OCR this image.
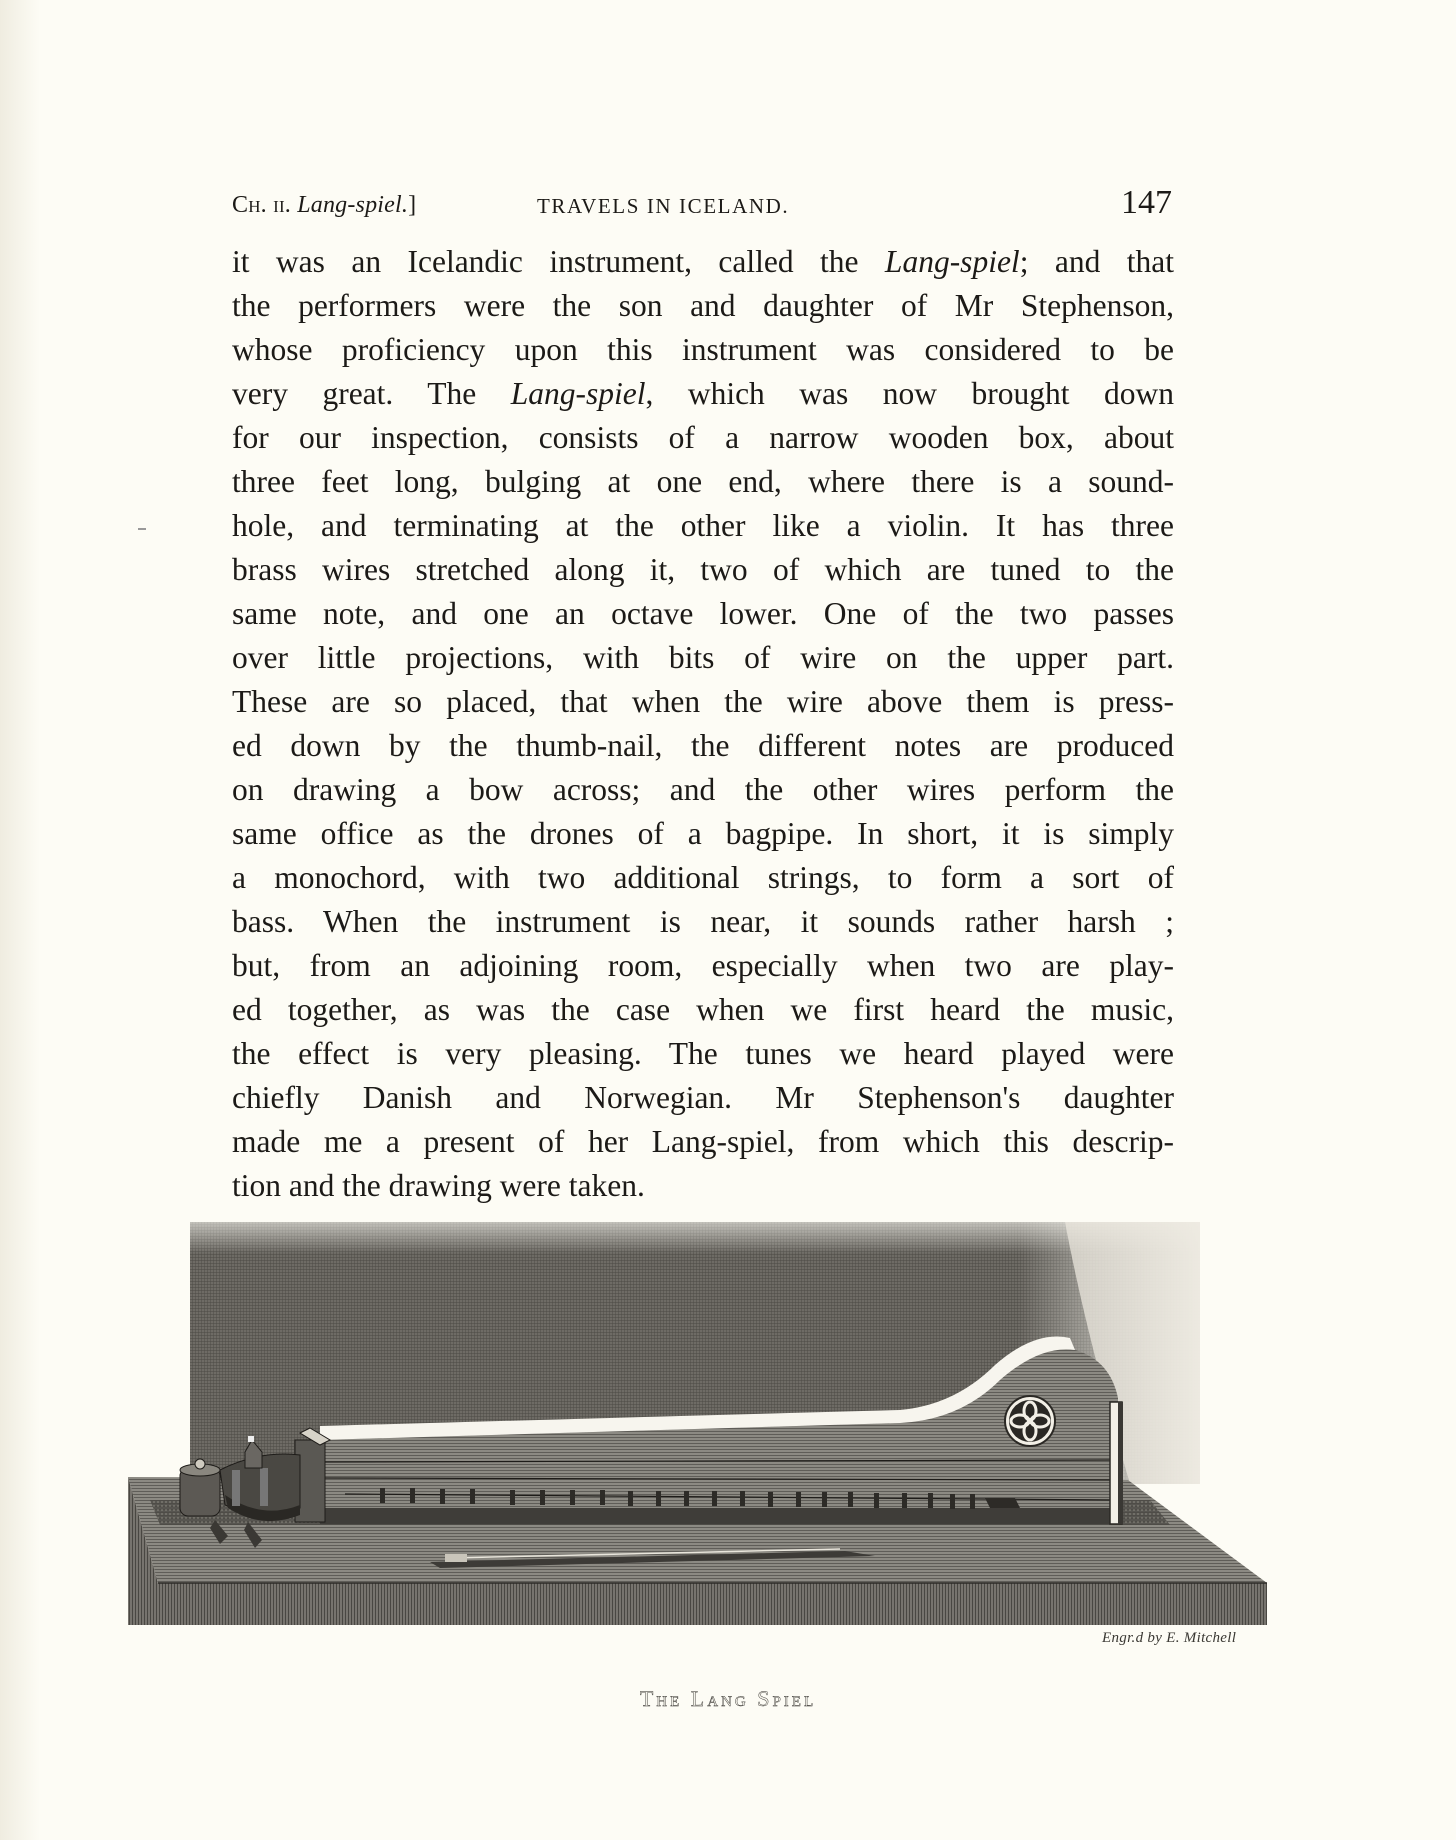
Ch. ii. Lang-spiel.]	TRAVELS IN ICELAND.	147
it was an Icelandic instrument, called the Lang-spiel; and that
the performers were the son and daughter of Mr Stephenson,
whose proficiency upon this instrument was considered to be
very great. The Lang-spiel, which was now brought down
for our inspection, consists of a narrow wooden box, about
three feet long, bulging at one end, where there is a sound-
hole, and terminating at the other like a violin. It has three
brass wires stretched along it, two of which are tuned to the
same note, and one an octave lower. One of the two passes
over little projections, with bits of wire on the upper part.
These are so placed, that when the wire above them is press-
ed down by the thumb-nail, the different notes are produced
on drawing a bow across; and the other wires perform the
same office as the drones of a bagpipe. In short, it is simply
a monochord, with two additional strings, to form a sort of
bass. When the instrument is near, it sounds rather harsh ;
but, from an adjoining room, especially when two are play-
ed together, as was the case when we first heard the music,
the effect is very pleasing. The tunes we heard played were
chiefly Danish and Norwegian. Mr Stephenson's daughter
made me a present of her Lang-spiel, from which this descrip-
tion and the drawing were taken.
Engr.d by E. Mitchell
The Lang Spiel
